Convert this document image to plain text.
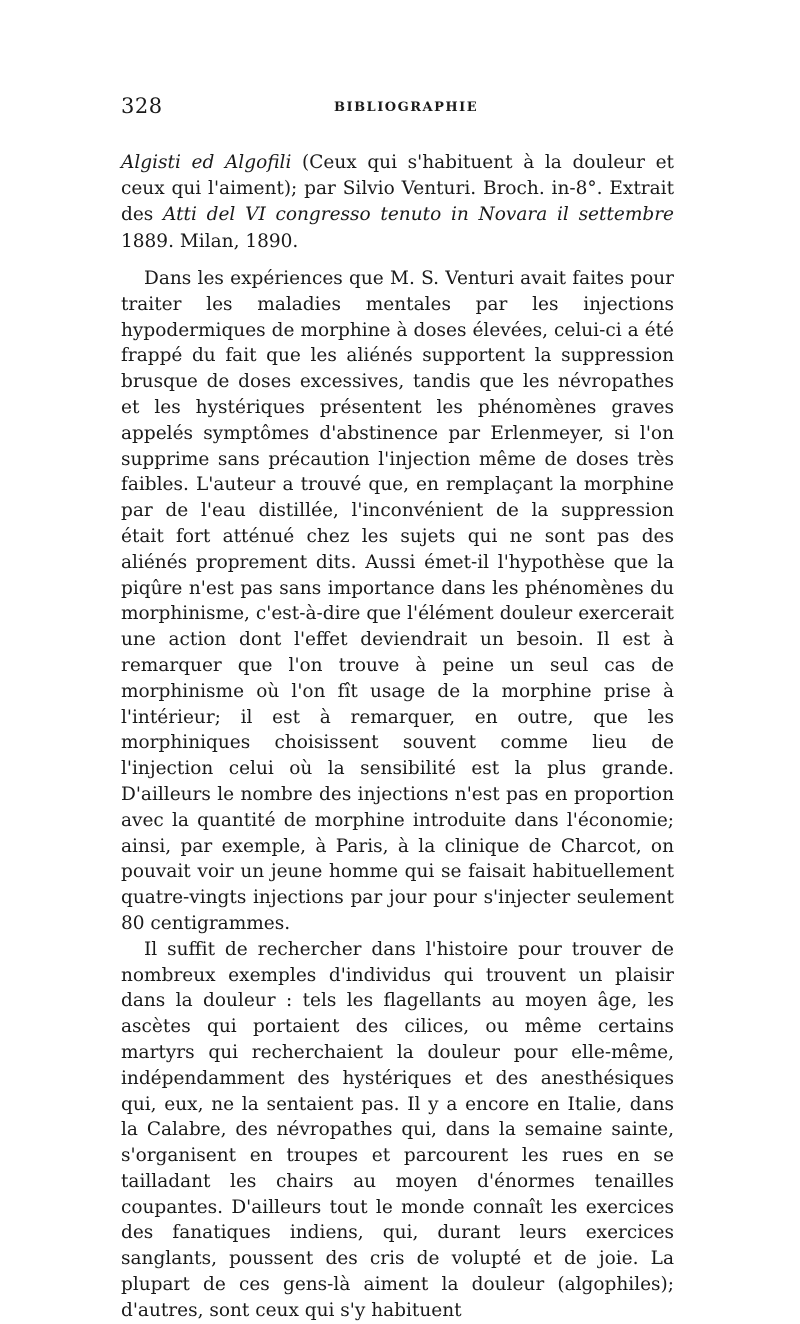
328	BIBLIOGRAPHIE
Algisti ed Algofili (Ceux qui s'habituent à la douleur et ceux qui l'aiment); par Silvio Venturi. Broch. in-8°. Extrait des Atti del VI congresso tenuto in Novara il settembre 1889. Milan, 1890.

Dans les expériences que M. S. Venturi avait faites pour traiter les maladies mentales par les injections hypodermiques de morphine à doses élevées, celui-ci a été frappé du fait que les aliénés supportent la suppression brusque de doses excessives, tandis que les névropathes et les hystériques présentent les phénomènes graves appelés symptômes d'abstinence par Erlenmeyer, si l'on supprime sans précaution l'injection même de doses très faibles. L'auteur a trouvé que, en remplaçant la morphine par de l'eau distillée, l'inconvénient de la suppression était fort atténué chez les sujets qui ne sont pas des aliénés proprement dits. Aussi émet-il l'hypothèse que la piqûre n'est pas sans importance dans les phénomènes du morphinisme, c'est-à-dire que l'élément douleur exercerait une action dont l'effet deviendrait un besoin. Il est à remarquer que l'on trouve à peine un seul cas de morphinisme où l'on fît usage de la morphine prise à l'intérieur; il est à remarquer, en outre, que les morphiniques choisissent souvent comme lieu de l'injection celui où la sensibilité est la plus grande. D'ailleurs le nombre des injections n'est pas en proportion avec la quantité de morphine introduite dans l'économie; ainsi, par exemple, à Paris, à la clinique de Charcot, on pouvait voir un jeune homme qui se faisait habituellement quatre-vingts injections par jour pour s'injecter seulement 80 centigrammes.

Il suffit de rechercher dans l'histoire pour trouver de nombreux exemples d'individus qui trouvent un plaisir dans la douleur : tels les flagellants au moyen âge, les ascètes qui portaient des cilices, ou même certains martyrs qui recherchaient la douleur pour elle-même, indépendamment des hystériques et des anesthésiques qui, eux, ne la sentaient pas. Il y a encore en Italie, dans la Calabre, des névropathes qui, dans la semaine sainte, s'organisent en troupes et parcourent les rues en se tailladant les chairs au moyen d'énormes tenailles coupantes. D'ailleurs tout le monde connaît les exercices des fanatiques indiens, qui, durant leurs exercices sanglants, poussent des cris de volupté et de joie. La plupart de ces gens-là aiment la douleur (algophiles); d'autres, sont ceux qui s'y habituent
